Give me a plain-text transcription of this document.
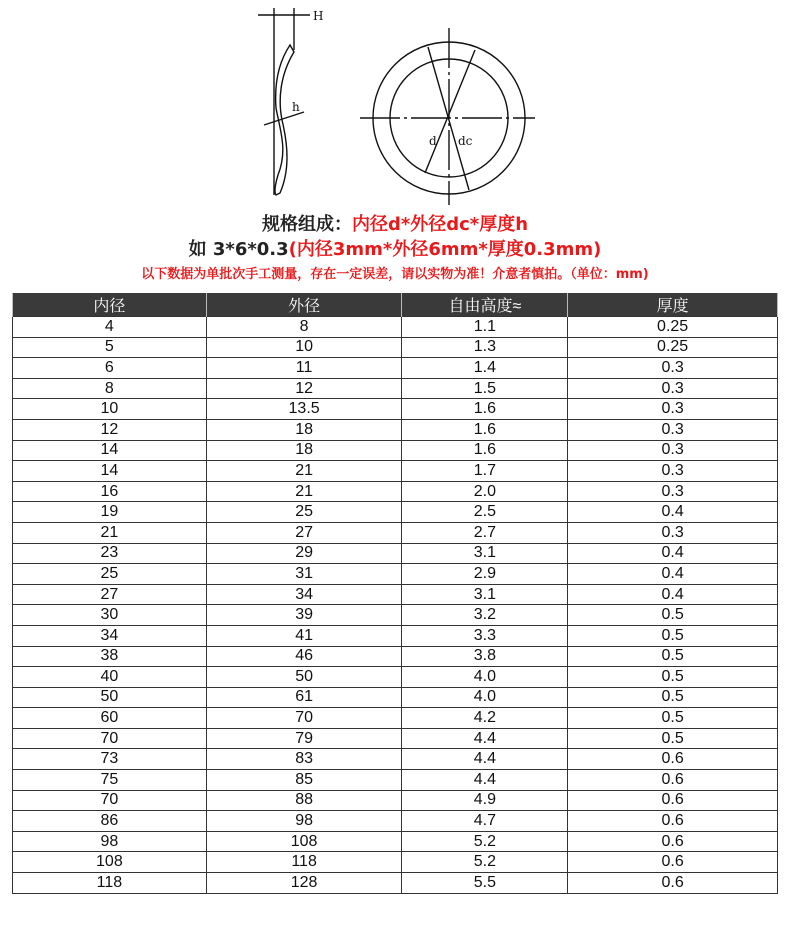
H
h
d dc
规格组成：内径d*外径dc*厚度h
如 3*6*0.3(内径3mm*外径6mm*厚度0.3mm)
以下数据为单批次手工测量，存在一定误差，请以实物为准！介意者慎拍。（单位：mm)
内径	外径	自由高度≈	厚度
4	8	1.1	0.25
5	10	1.3	0.25
6	11	1.4	0.3
8	12	1.5	0.3
10	13.5	1.6	0.3
12	18	1.6	0.3
14	18	1.6	0.3
14	21	1.7	0.3
16	21	2.0	0.3
19	25	2.5	0.4
21	27	2.7	0.3
23	29	3.1	0.4
25	31	2.9	0.4
27	34	3.1	0.4
30	39	3.2	0.5
34	41	3.3	0.5
38	46	3.8	0.5
40	50	4.0	0.5
50	61	4.0	0.5
60	70	4.2	0.5
70	79	4.4	0.5
73	83	4.4	0.6
75	85	4.4	0.6
70	88	4.9	0.6
86	98	4.7	0.6
98	108	5.2	0.6
108	118	5.2	0.6
118	128	5.5	0.6
